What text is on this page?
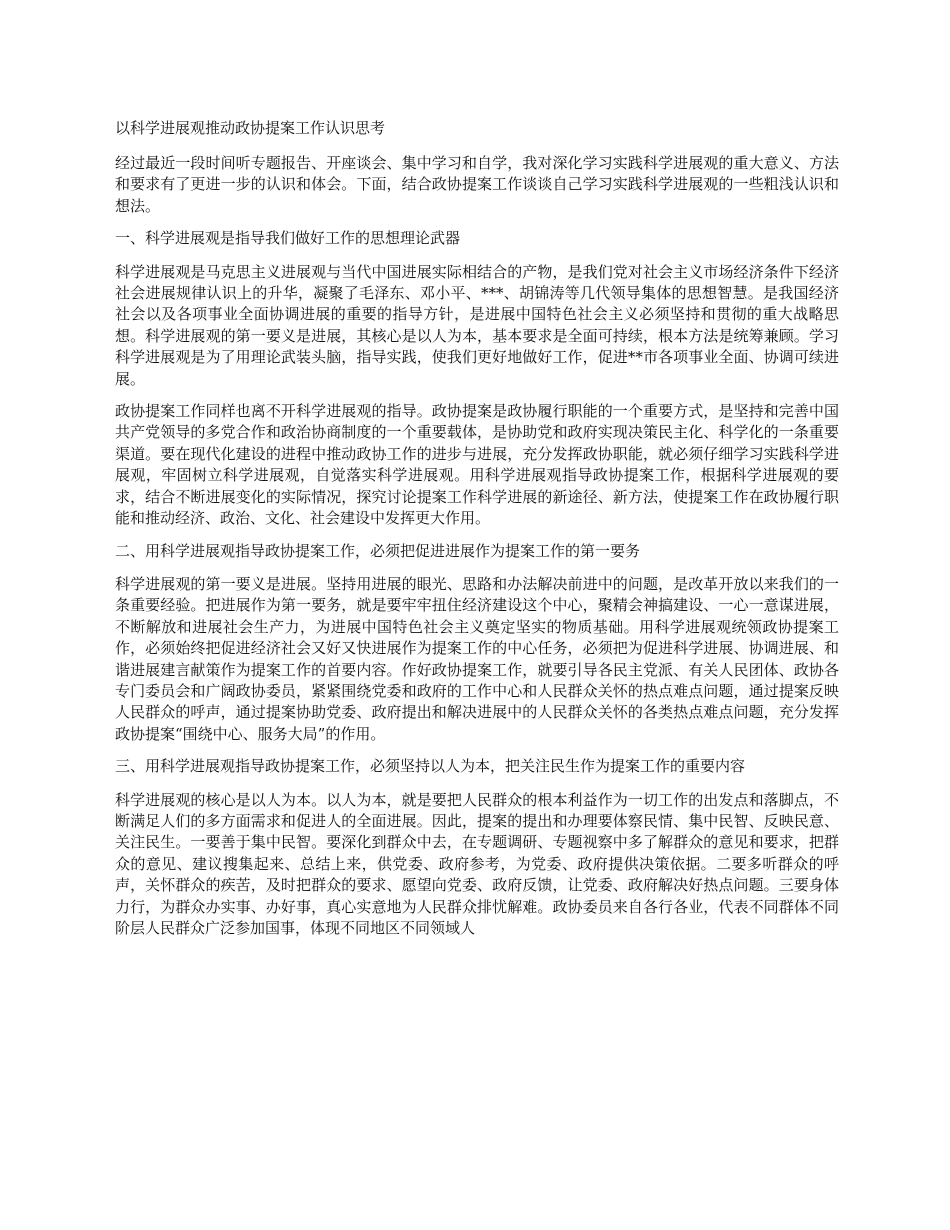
以科学进展观推动政协提案工作认识思考

经过最近一段时间听专题报告、开座谈会、集中学习和自学，我对深化学习实践科学进展观的重大意义、方法和要求有了更进一步的认识和体会。下面，结合政协提案工作谈谈自己学习实践科学进展观的一些粗浅认识和想法。

一、科学进展观是指导我们做好工作的思想理论武器

科学进展观是马克思主义进展观与当代中国进展实际相结合的产物，是我们党对社会主义市场经济条件下经济社会进展规律认识上的升华，凝聚了毛泽东、邓小平、***、胡锦涛等几代领导集体的思想智慧。是我国经济社会以及各项事业全面协调进展的重要的指导方针，是进展中国特色社会主义必须坚持和贯彻的重大战略思想。科学进展观的第一要义是进展，其核心是以人为本，基本要求是全面可持续，根本方法是统筹兼顾。学习科学进展观是为了用理论武装头脑，指导实践，使我们更好地做好工作，促进**市各项事业全面、协调可续进展。

政协提案工作同样也离不开科学进展观的指导。政协提案是政协履行职能的一个重要方式，是坚持和完善中国共产党领导的多党合作和政治协商制度的一个重要载体，是协助党和政府实现决策民主化、科学化的一条重要渠道。要在现代化建设的进程中推动政协工作的进步与进展，充分发挥政协职能，就必须仔细学习实践科学进展观，牢固树立科学进展观，自觉落实科学进展观。用科学进展观指导政协提案工作，根据科学进展观的要求，结合不断进展变化的实际情况，探究讨论提案工作科学进展的新途径、新方法，使提案工作在政协履行职能和推动经济、政治、文化、社会建设中发挥更大作用。

二、用科学进展观指导政协提案工作，必须把促进进展作为提案工作的第一要务

科学进展观的第一要义是进展。坚持用进展的眼光、思路和办法解决前进中的问题，是改革开放以来我们的一条重要经验。把进展作为第一要务，就是要牢牢扭住经济建设这个中心，聚精会神搞建设、一心一意谋进展，不断解放和进展社会生产力，为进展中国特色社会主义奠定坚实的物质基础。用科学进展观统领政协提案工作，必须始终把促进经济社会又好又快进展作为提案工作的中心任务，必须把为促进科学进展、协调进展、和谐进展建言献策作为提案工作的首要内容。作好政协提案工作，就要引导各民主党派、有关人民团体、政协各专门委员会和广阔政协委员，紧紧围绕党委和政府的工作中心和人民群众关怀的热点难点问题，通过提案反映人民群众的呼声，通过提案协助党委、政府提出和解决进展中的人民群众关怀的各类热点难点问题，充分发挥政协提案“围绕中心、服务大局”的作用。

三、用科学进展观指导政协提案工作，必须坚持以人为本，把关注民生作为提案工作的重要内容

科学进展观的核心是以人为本。以人为本，就是要把人民群众的根本利益作为一切工作的出发点和落脚点，不断满足人们的多方面需求和促进人的全面进展。因此，提案的提出和办理要体察民情、集中民智、反映民意、关注民生。一要善于集中民智。要深化到群众中去，在专题调研、专题视察中多了解群众的意见和要求，把群众的意见、建议搜集起来、总结上来，供党委、政府参考，为党委、政府提供决策依据。二要多听群众的呼声，关怀群众的疾苦，及时把群众的要求、愿望向党委、政府反馈，让党委、政府解决好热点问题。三要身体力行，为群众办实事、办好事，真心实意地为人民群众排忧解难。政协委员来自各行各业，代表不同群体不同阶层人民群众广泛参加国事，体现不同地区不同领域人
